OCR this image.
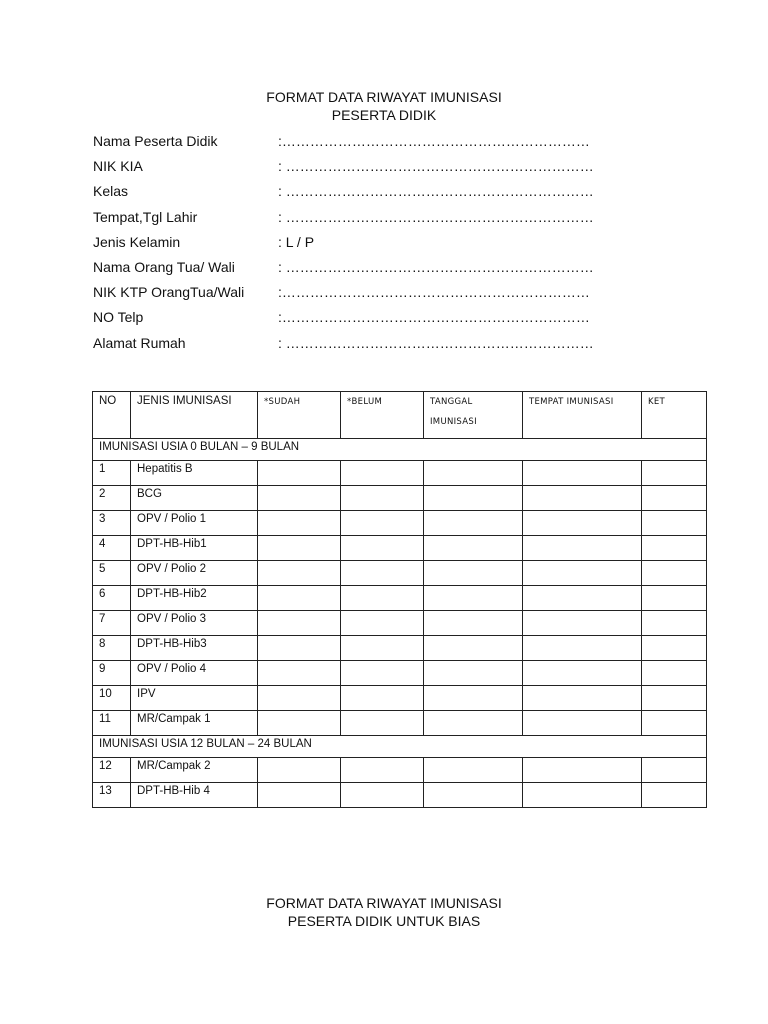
FORMAT DATA RIWAYAT IMUNISASI
PESERTA DIDIK
Nama Peserta Didik	:…………………………………………………………
NIK KIA	: …………………………………………………………
Kelas	: …………………………………………………………
Tempat,Tgl Lahir	: …………………………………………………………
Jenis Kelamin	: L / P
Nama Orang Tua/ Wali	: …………………………………………………………
NIK KTP OrangTua/Wali :…………………………………………………………
NO Telp	:…………………………………………………………
Alamat Rumah	: …………………………………………………………
NO	JENIS IMUNISASI	*SUDAH	*BELUM	TANGGAL IMUNISASI	TEMPAT IMUNISASI	KET
IMUNISASI USIA 0 BULAN – 9 BULAN						
1	Hepatitis B					
2	BCG					
3	OPV / Polio 1					
4	DPT-HB-Hib1					
5	OPV / Polio 2					
6	DPT-HB-Hib2					
7	OPV / Polio 3					
8	DPT-HB-Hib3					
9	OPV / Polio 4					
10	IPV					
11	MR/Campak 1					
IMUNISASI USIA 12 BULAN – 24 BULAN						
12	MR/Campak 2					
13	DPT-HB-Hib 4					
FORMAT DATA RIWAYAT IMUNISASI
PESERTA DIDIK UNTUK BIAS
